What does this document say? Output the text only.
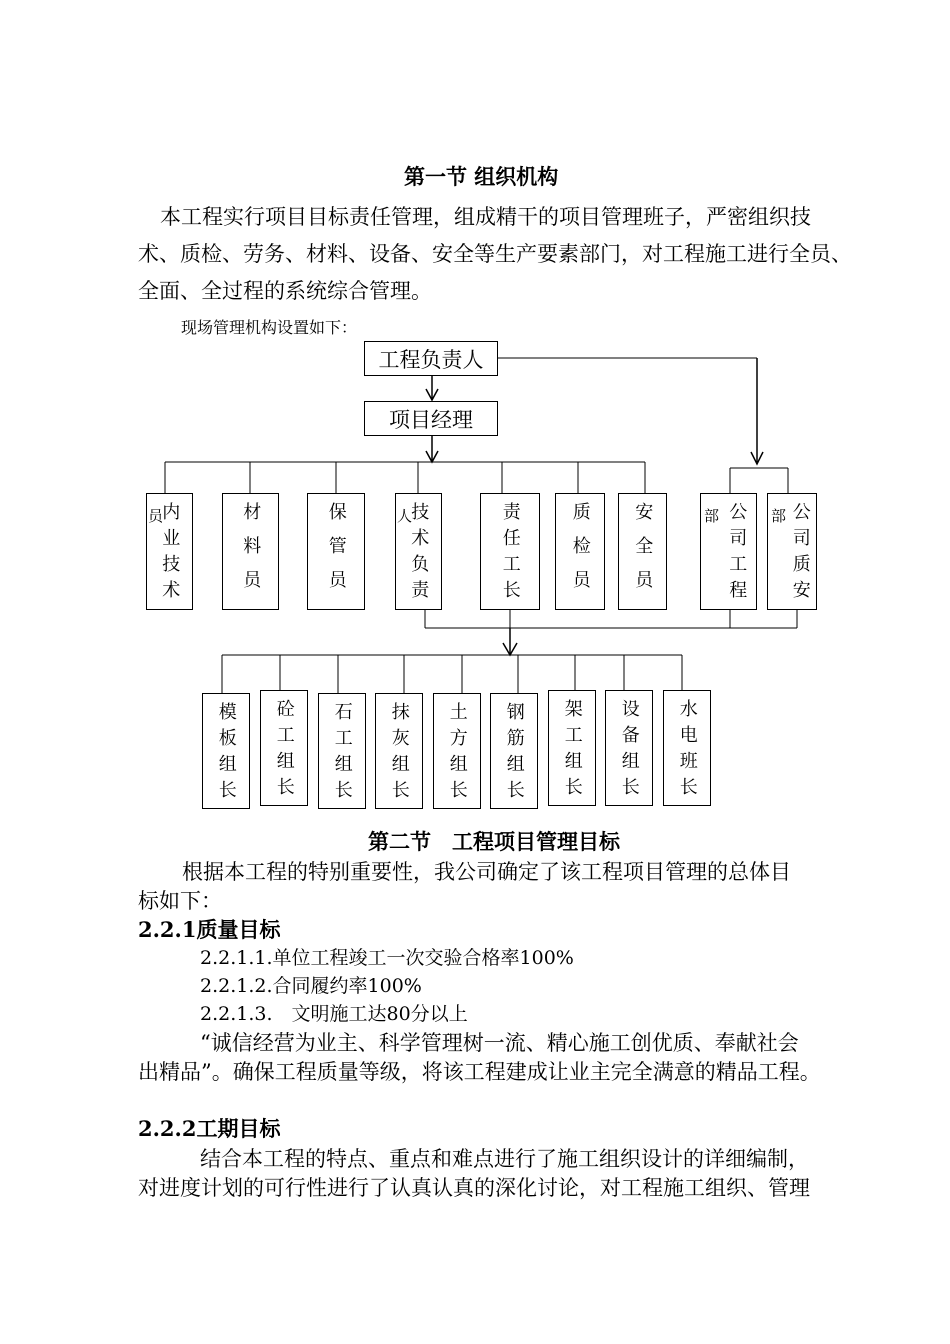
第一节 组织机构
本工程实行项目目标责任管理，组成精干的项目管理班子，严密组织技
术、质检、劳务、材料、设备、安全等生产要素部门，对工程施工进行全员、
全面、全过程的系统综合管理。
现场管理机构设置如下：
工程负责人
项目经理
内业技术
员	材料员	保管员	技术负责
人	责任工长	质检员 安全员	公司工程
部	公司质安
部
模板组长 砼工组长 石工组长 抹灰组长 土方组长 钢筋组长 架工组长 设备组长 水电班长
第二节　工程项目管理目标
根据本工程的特别重要性，我公司确定了该工程项目管理的总体目
标如下：
2.2.1质量目标
2.2.1.1.单位工程竣工一次交验合格率100%
2.2.1.2.合同履约率100%
2.2.1.3.　文明施工达80分以上
“诚信经营为业主、科学管理树一流、精心施工创优质、奉献社会
出精品”。确保工程质量等级，将该工程建成让业主完全满意的精品工程。
2.2.2工期目标
结合本工程的特点、重点和难点进行了施工组织设计的详细编制，
对进度计划的可行性进行了认真认真的深化讨论，对工程施工组织、管理
